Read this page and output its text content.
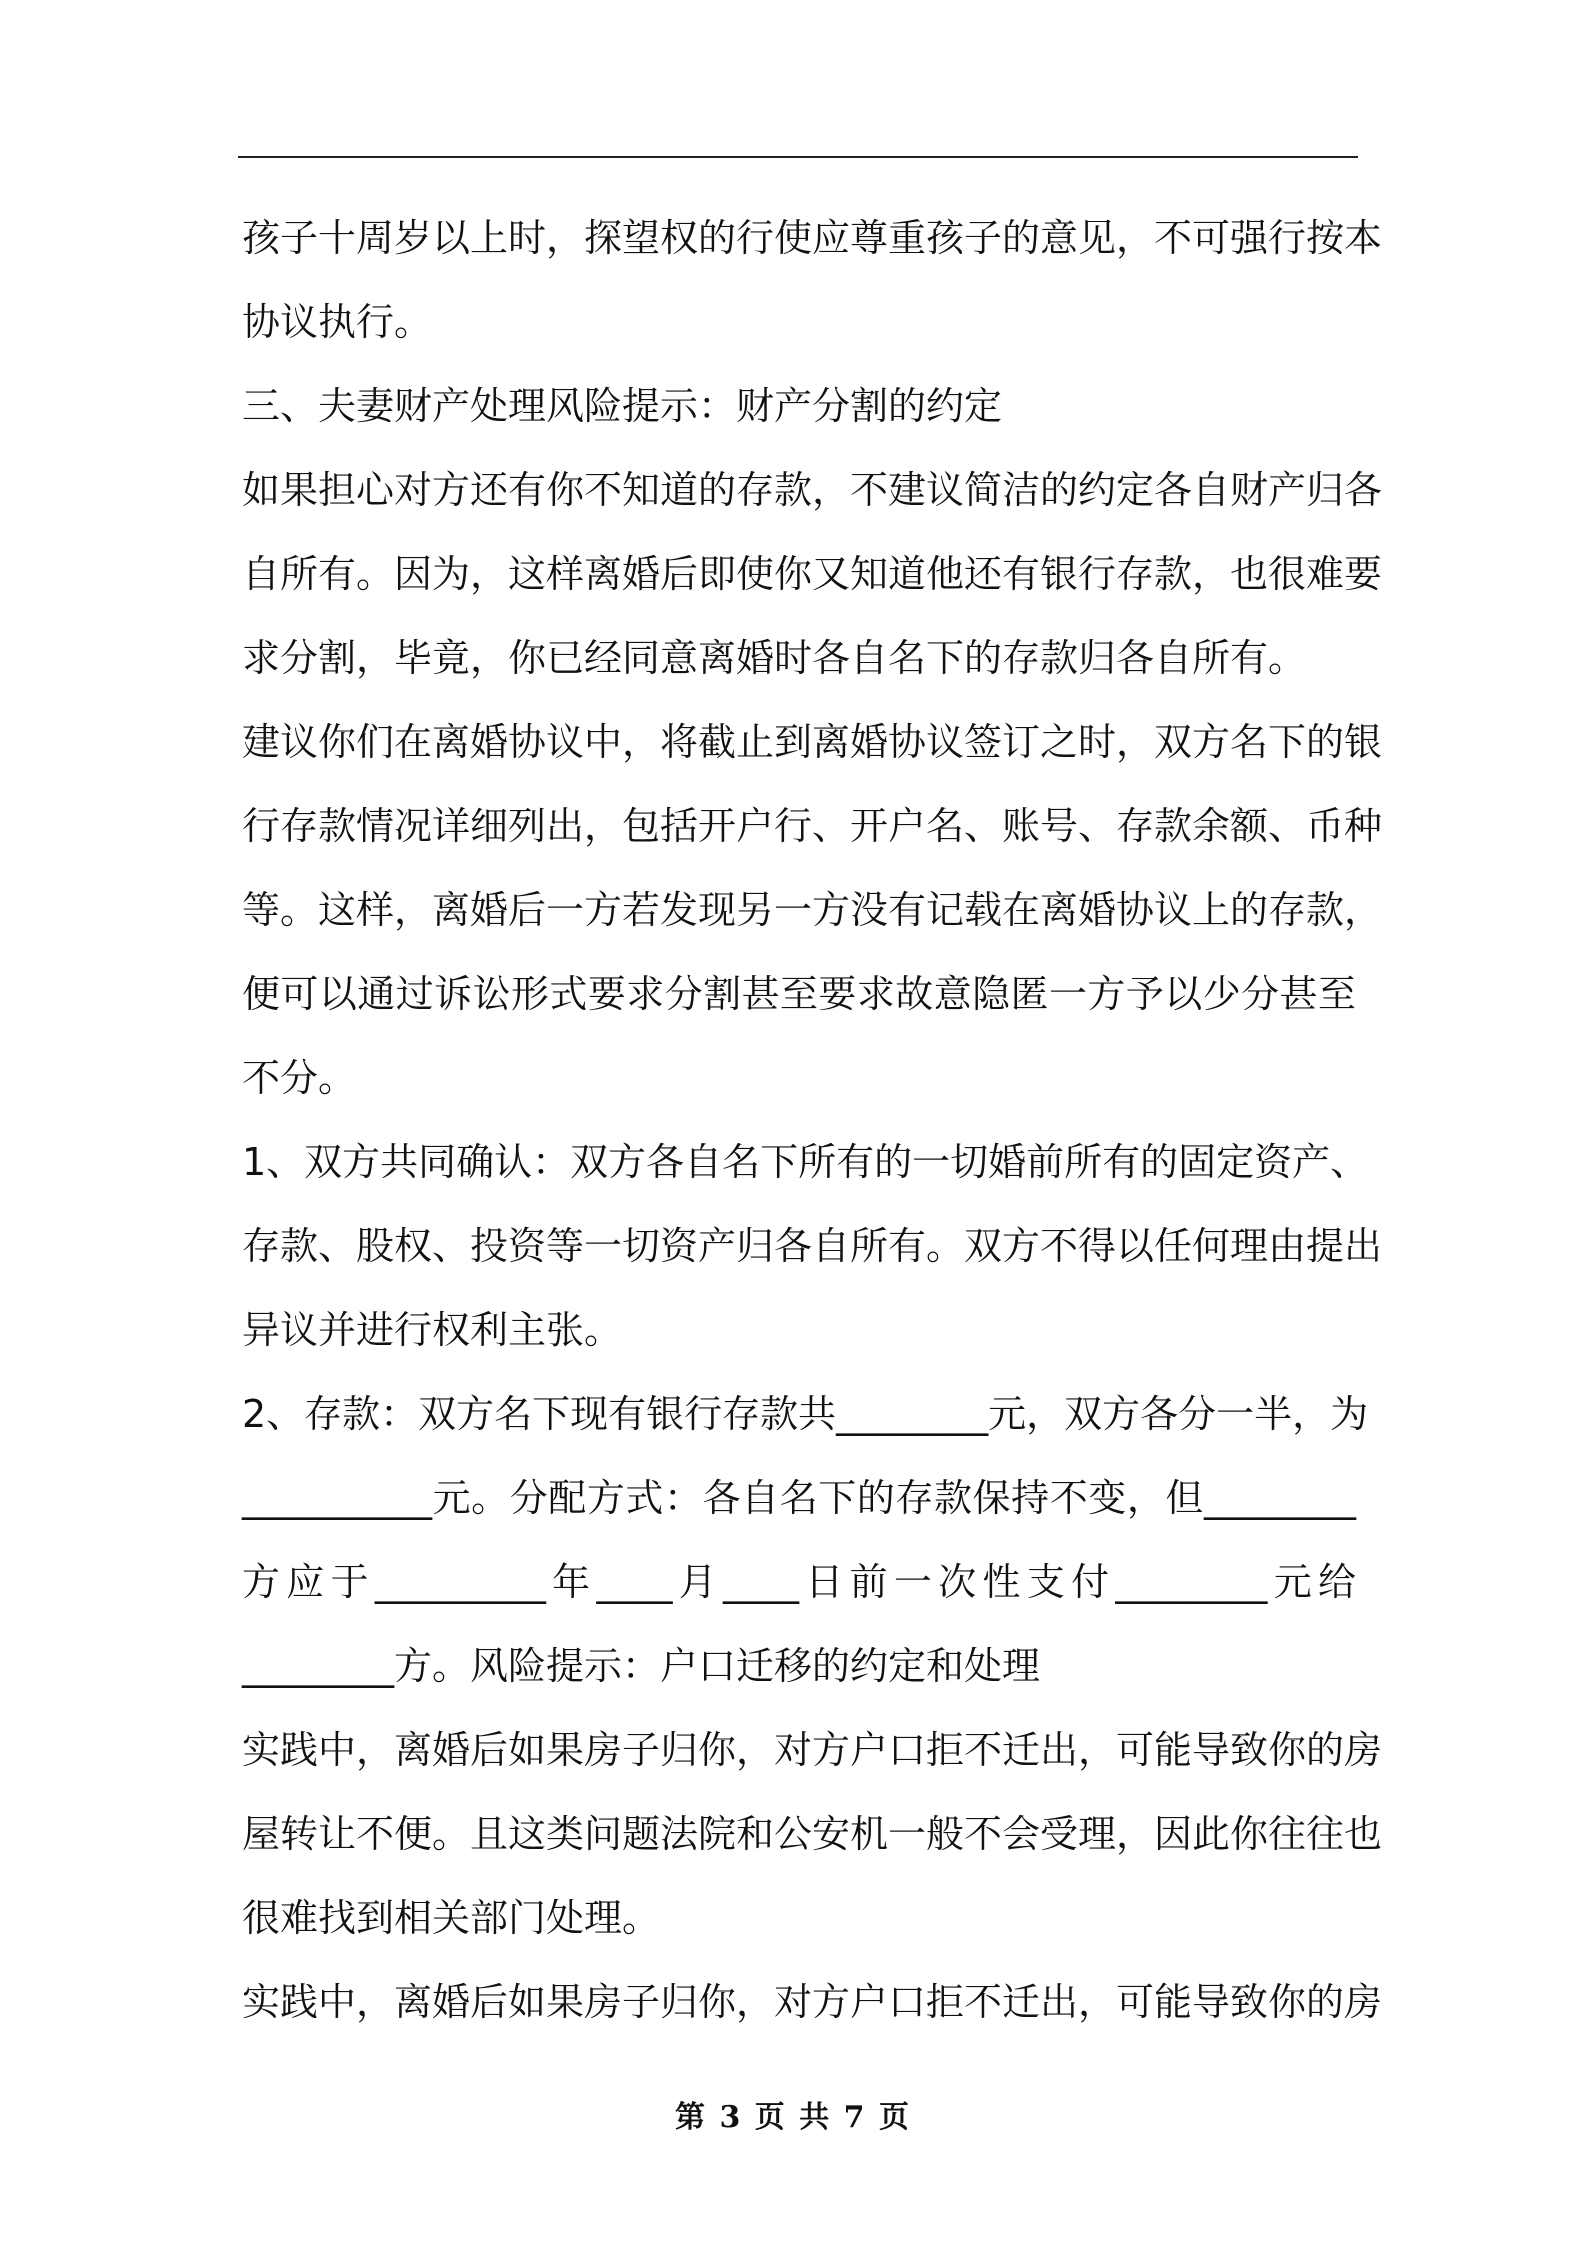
孩子十周岁以上时，探望权的行使应尊重孩子的意见，不可强行按本
协议执行。
三、夫妻财产处理风险提示：财产分割的约定
如果担心对方还有你不知道的存款，不建议简洁的约定各自财产归各
自所有。因为，这样离婚后即使你又知道他还有银行存款，也很难要
求分割，毕竟，你已经同意离婚时各自名下的存款归各自所有。
建议你们在离婚协议中，将截止到离婚协议签订之时，双方名下的银
行存款情况详细列出，包括开户行、开户名、账号、存款余额、币种
等。这样，离婚后一方若发现另一方没有记载在离婚协议上的存款，
便可以通过诉讼形式要求分割甚至要求故意隐匿一方予以少分甚至
不分。
1、双方共同确认：双方各自名下所有的一切婚前所有的固定资产、
存款、股权、投资等一切资产归各自所有。双方不得以任何理由提出
异议并进行权利主张。
2、存款：双方名下现有银行存款共________元，双方各分一半，为
__________元。分配方式：各自名下的存款保持不变，但________
方应于_________年____月____日前一次性支付________元给
________方。风险提示：户口迁移的约定和处理
实践中，离婚后如果房子归你，对方户口拒不迁出，可能导致你的房
屋转让不便。且这类问题法院和公安机一般不会受理，因此你往往也
很难找到相关部门处理。
实践中，离婚后如果房子归你，对方户口拒不迁出，可能导致你的房
第 3 页 共 7 页
